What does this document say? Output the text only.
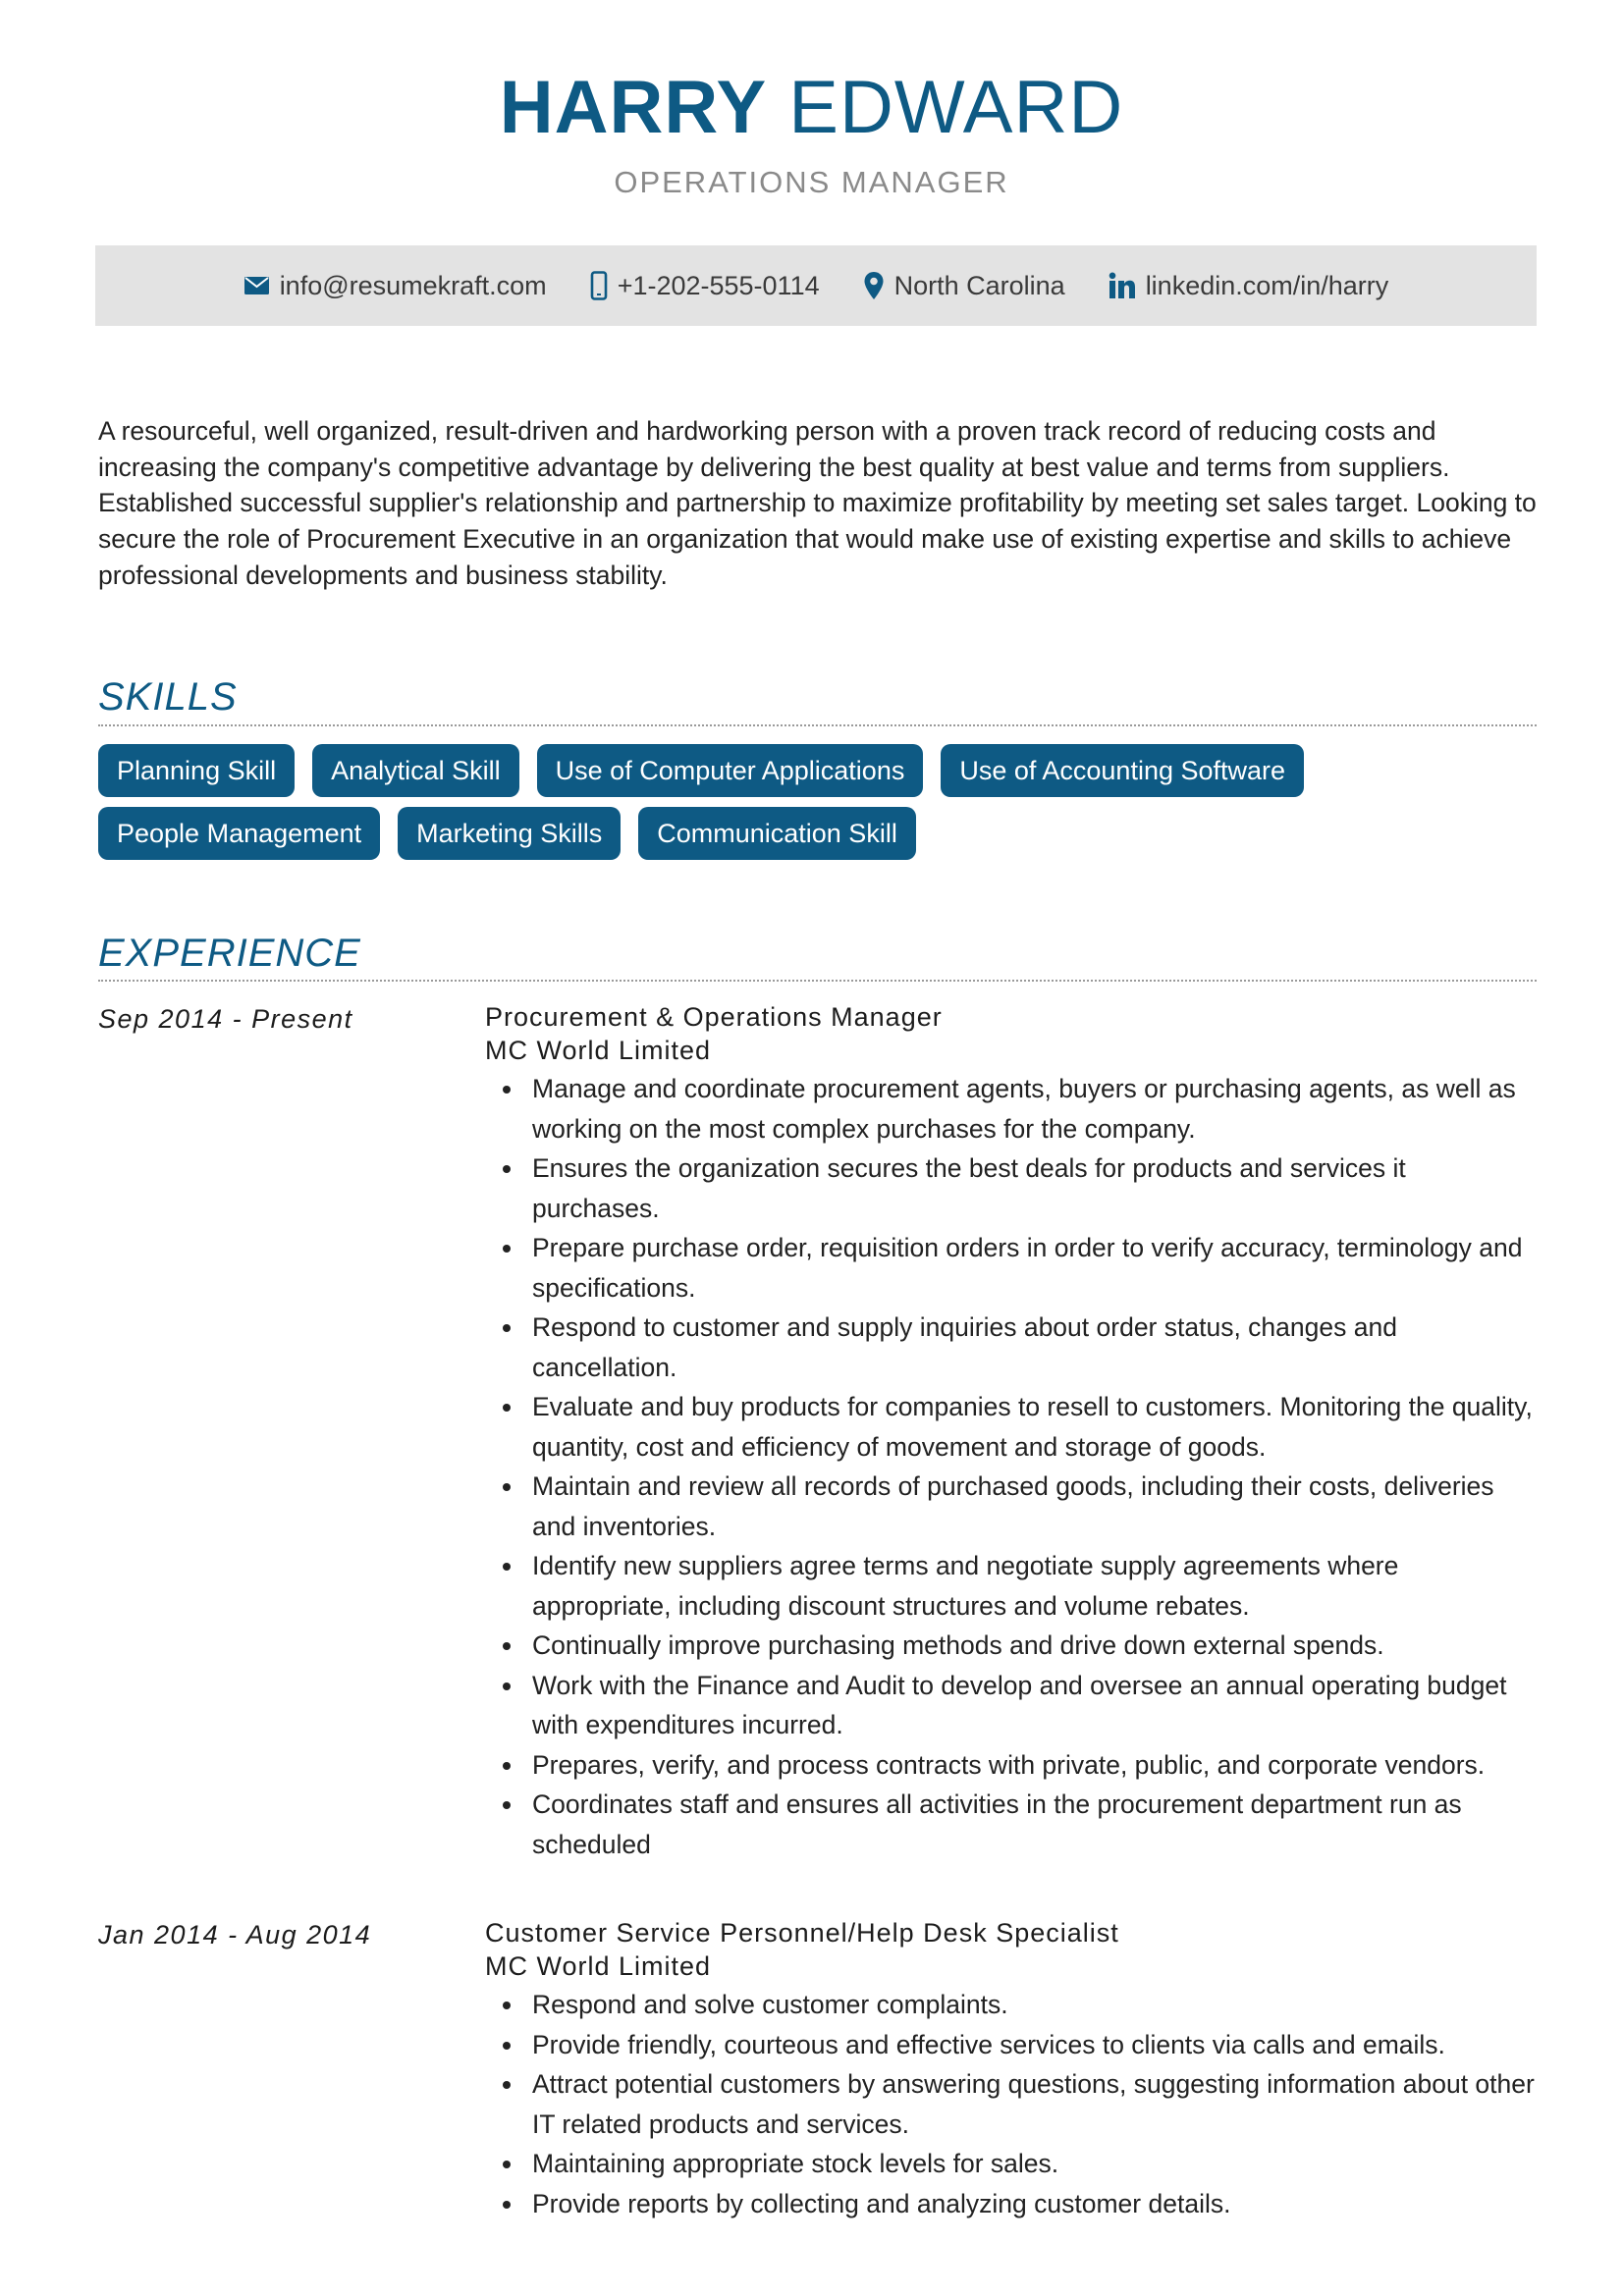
HARRY EDWARD
OPERATIONS MANAGER
info@resumekraft.com	+1-202-555-0114	North Carolina	linkedin.com/in/harry
A resourceful, well organized, result-driven and hardworking person with a proven track record of reducing costs and increasing the company's competitive advantage by delivering the best quality at best value and terms from suppliers. Established successful supplier's relationship and partnership to maximize profitability by meeting set sales target. Looking to secure the role of Procurement Executive in an organization that would make use of existing expertise and skills to achieve professional developments and business stability.
SKILLS
Planning Skill	Analytical Skill	Use of Computer Applications	Use of Accounting Software
People Management	Marketing Skills	Communication Skill
EXPERIENCE
Sep 2014 - Present	Procurement & Operations Manager
MC World Limited
Manage and coordinate procurement agents, buyers or purchasing agents, as well as working on the most complex purchases for the company.
Ensures the organization secures the best deals for products and services it purchases.
Prepare purchase order, requisition orders in order to verify accuracy, terminology and specifications.
Respond to customer and supply inquiries about order status, changes and cancellation.
Evaluate and buy products for companies to resell to customers. Monitoring the quality, quantity, cost and efficiency of movement and storage of goods.
Maintain and review all records of purchased goods, including their costs, deliveries and inventories.
Identify new suppliers agree terms and negotiate supply agreements where appropriate, including discount structures and volume rebates.
Continually improve purchasing methods and drive down external spends.
Work with the Finance and Audit to develop and oversee an annual operating budget with expenditures incurred.
Prepares, verify, and process contracts with private, public, and corporate vendors.
Coordinates staff and ensures all activities in the procurement department run as scheduled
Jan 2014 - Aug 2014	Customer Service Personnel/Help Desk Specialist
MC World Limited
Respond and solve customer complaints.
Provide friendly, courteous and effective services to clients via calls and emails.
Attract potential customers by answering questions, suggesting information about other IT related products and services.
Maintaining appropriate stock levels for sales.
Provide reports by collecting and analyzing customer details.
